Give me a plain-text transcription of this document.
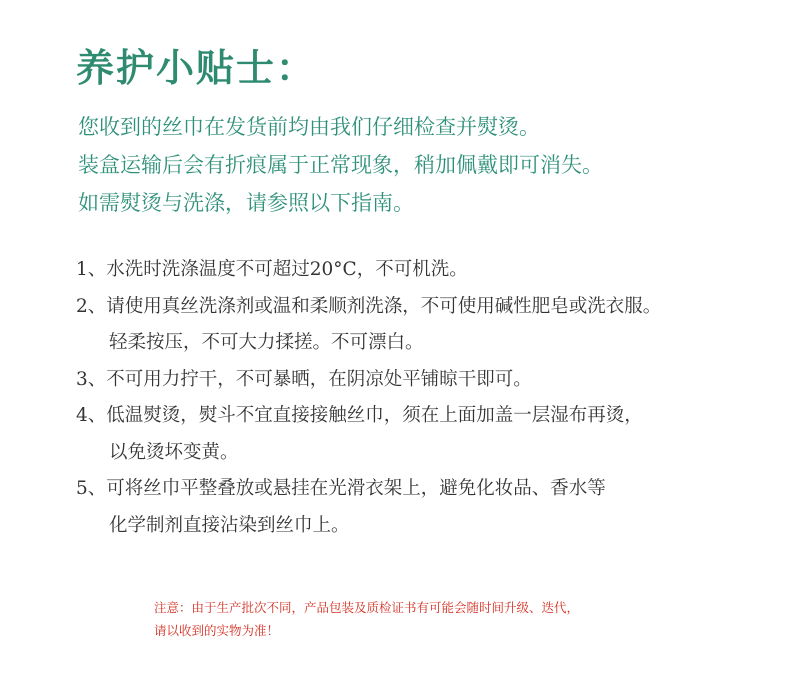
养护小贴士：
您收到的丝巾在发货前均由我们仔细检查并熨烫。
装盒运输后会有折痕属于正常现象，稍加佩戴即可消失。
如需熨烫与洗涤，请参照以下指南。
1、水洗时洗涤温度不可超过20°C，不可机洗。
2、请使用真丝洗涤剂或温和柔顺剂洗涤，不可使用碱性肥皂或洗衣服。
轻柔按压，不可大力揉搓。不可漂白。
3、不可用力拧干，不可暴晒，在阴凉处平铺晾干即可。
4、低温熨烫，熨斗不宜直接接触丝巾，须在上面加盖一层湿布再烫，
以免烫坏变黄。
5、可将丝巾平整叠放或悬挂在光滑衣架上，避免化妆品、香水等
化学制剂直接沾染到丝巾上。
注意：由于生产批次不同，产品包装及质检证书有可能会随时间升级、迭代，
请以收到的实物为准！
